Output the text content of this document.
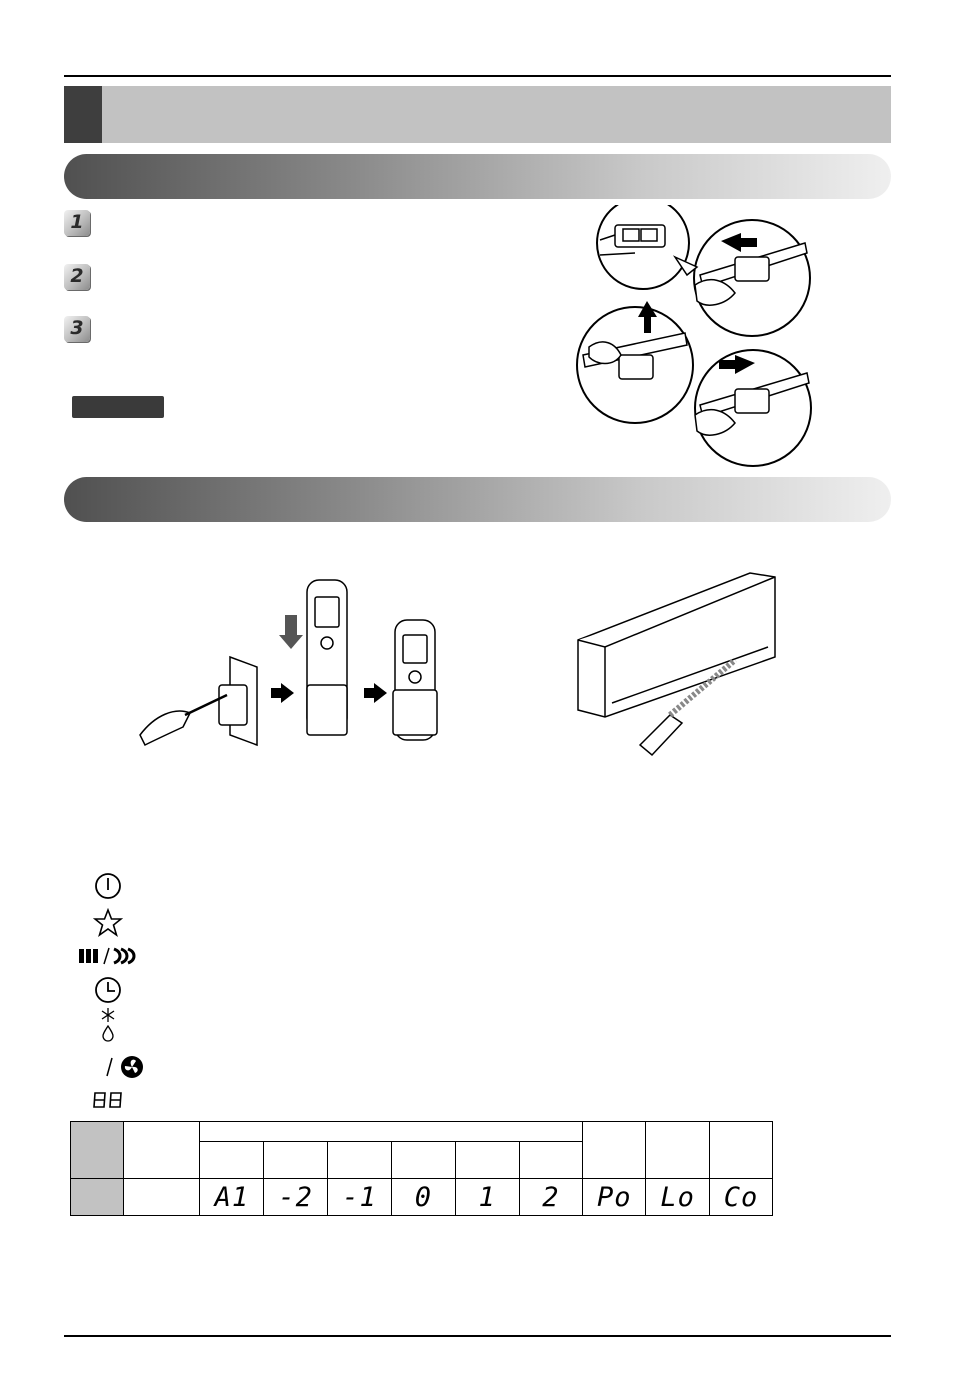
1
2
3

		A1	-2	-1	0	1	2	Po	Lo	Co
